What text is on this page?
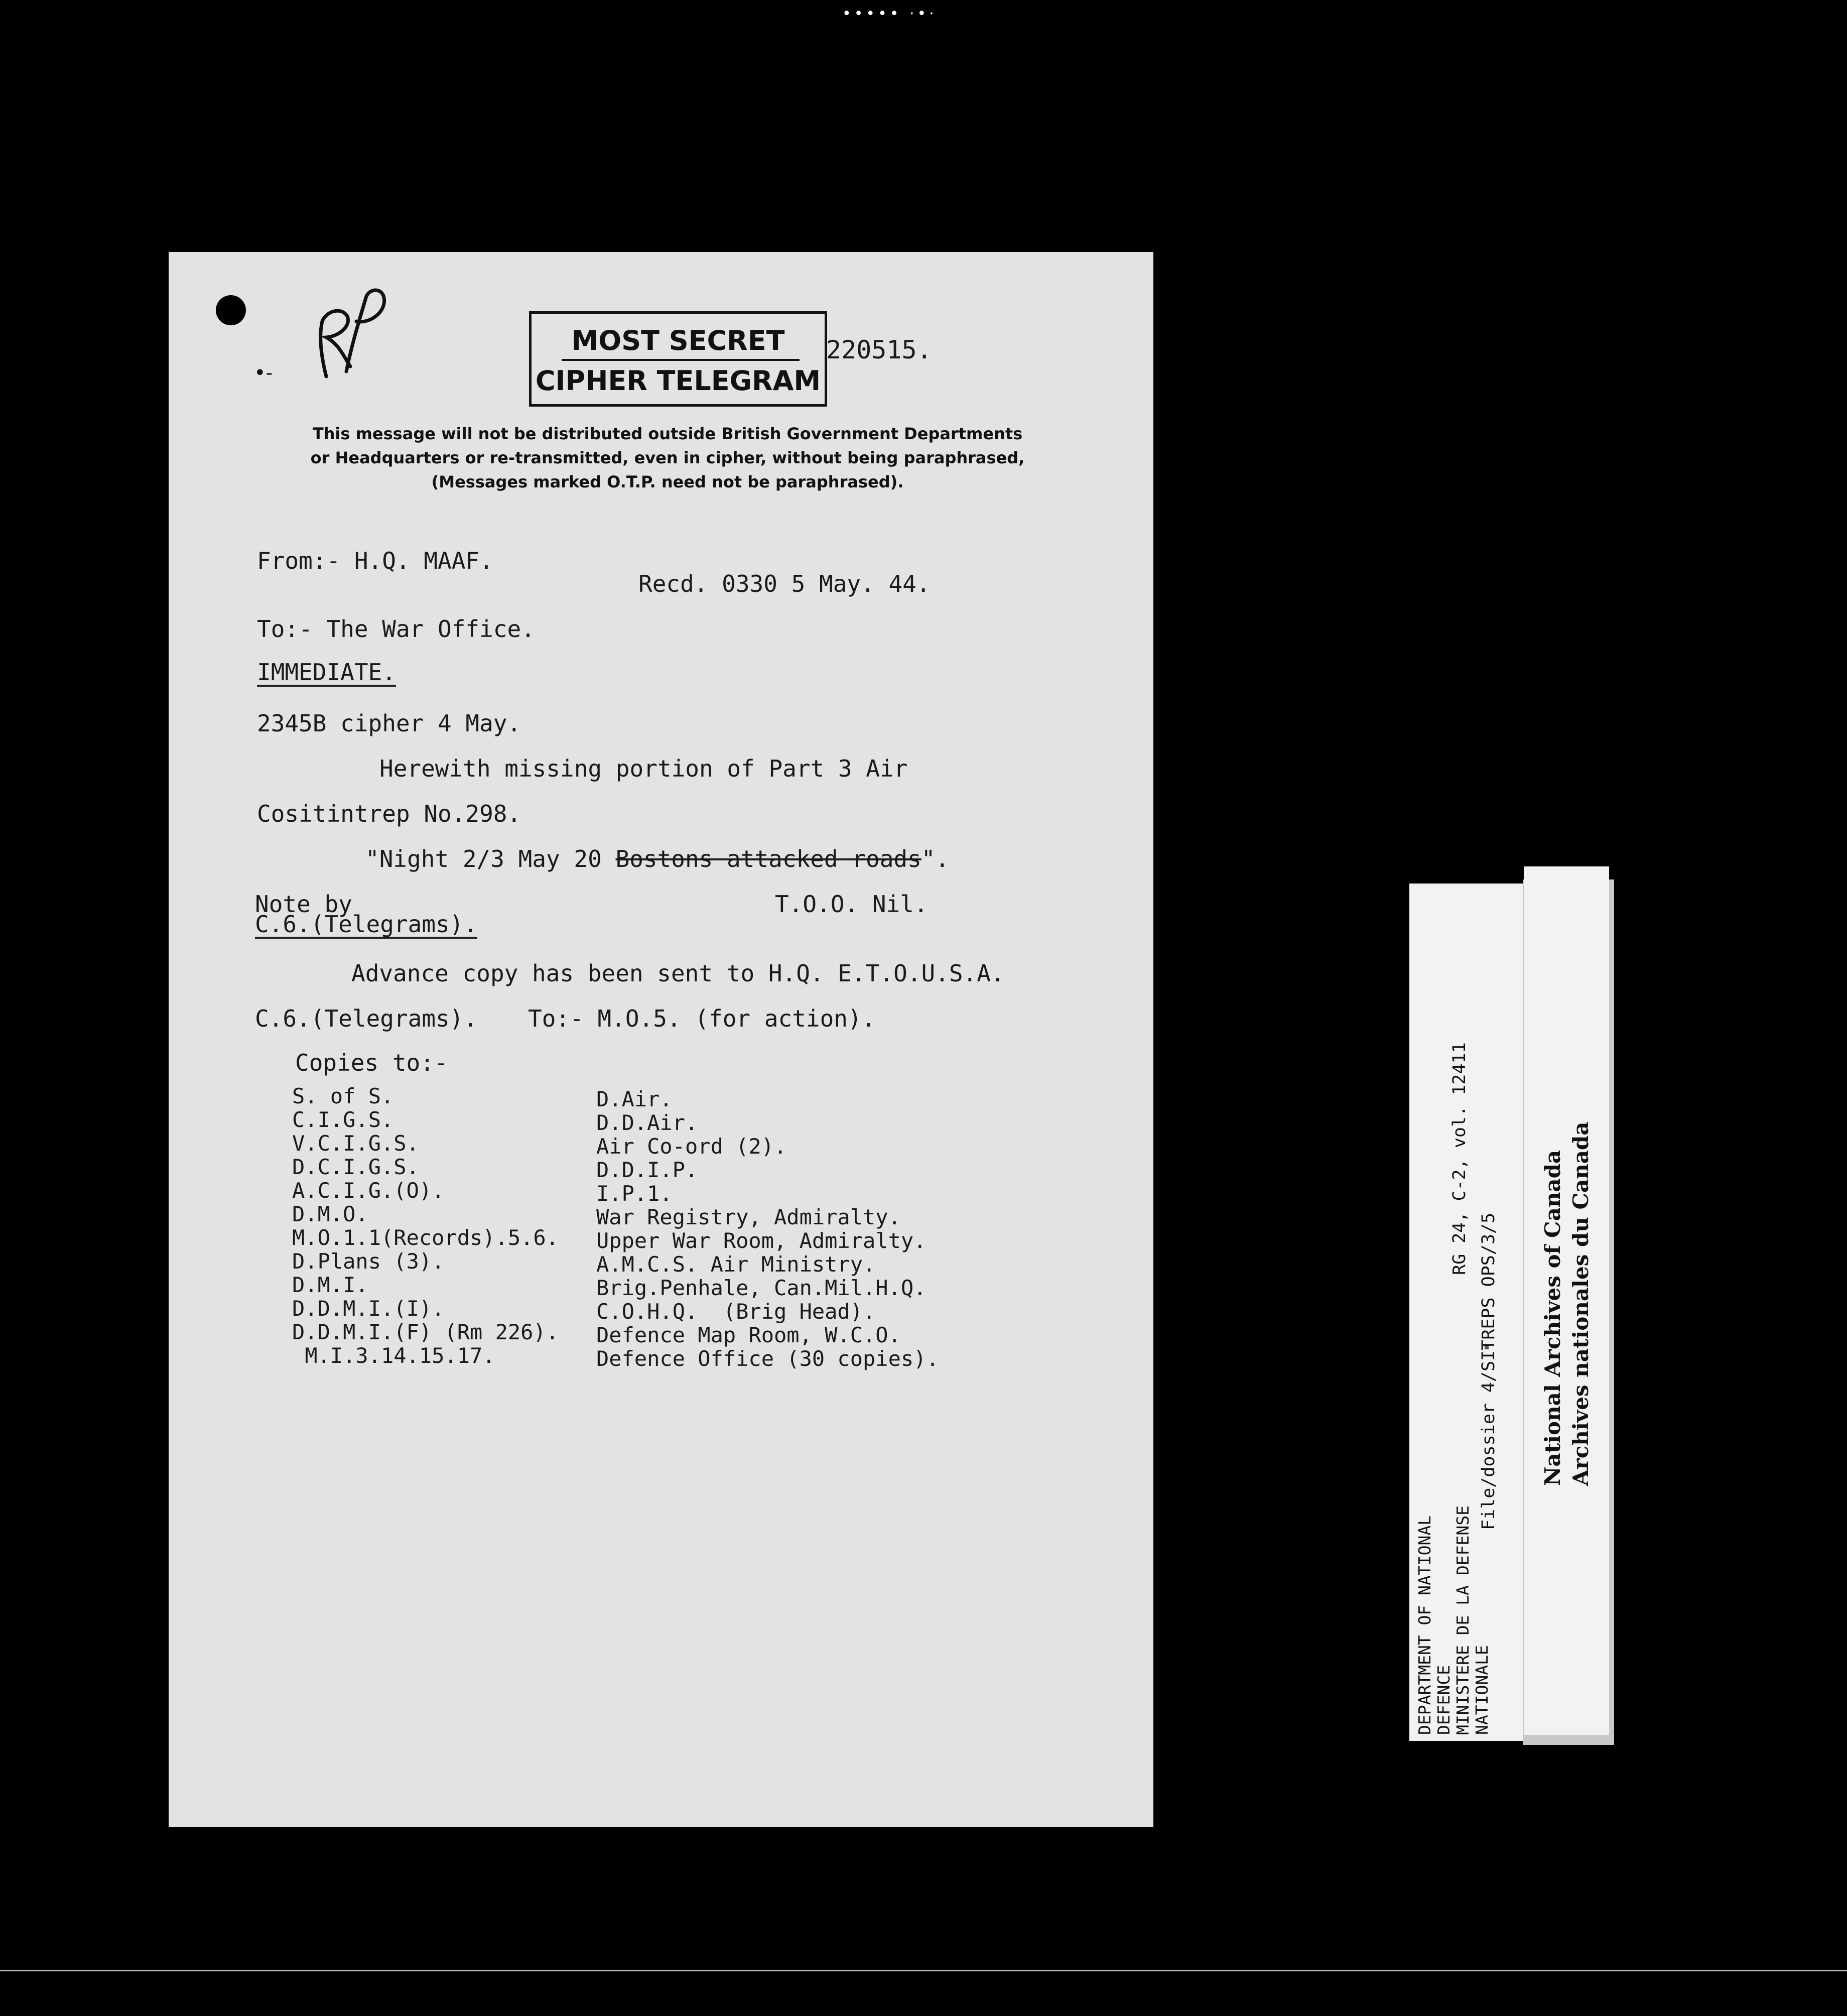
••••• ·•·
•-
MOST SECRET
CIPHER TELEGRAM
220515.
This message will not be distributed outside British Government Departments
or Headquarters or re-transmitted, even in cipher, without being paraphrased,
(Messages marked O.T.P. need not be paraphrased).
From:- H.Q. MAAF.
Recd. 0330 5 May. 44.
To:- The War Office.
IMMEDIATE.
2345B cipher 4 May.
Herewith missing portion of Part 3 Air
Cositintrep No.298.
"Night 2/3 May 20 Bostons attacked roads".
Note by
C.6.(Telegrams).
T.O.O. Nil.
Advance copy has been sent to H.Q. E.T.O.U.S.A.
C.6.(Telegrams). To:- M.O.5. (for action).
Copies to:-
S. of S.
C.I.G.S.
V.C.I.G.S.
D.C.I.G.S.
A.C.I.G.(O).
D.M.O.
M.O.1.1(Records).5.6.
D.Plans (3).
D.M.I.
D.D.M.I.(I).
D.D.M.I.(F) (Rm 226).
M.I.3.14.15.17.
D.Air.
D.D.Air.
Air Co-ord (2).
D.D.I.P.
I.P.1.
War Registry, Admiralty.
Upper War Room, Admiralty.
A.M.C.S. Air Ministry.
Brig.Penhale, Can.Mil.H.Q.
C.O.H.Q.  (Brig Head).
Defence Map Room, W.C.O.
Defence Office (30 copies).
DEPARTMENT OF NATIONAL DEFENCE MINISTERE DE LA DEFENSE NATIONALE
RG 24, C-2, vol. 12411
File/dossier 4/SITREPS OPS/3/5 National Archives of Canada Archives nationales du Canada
